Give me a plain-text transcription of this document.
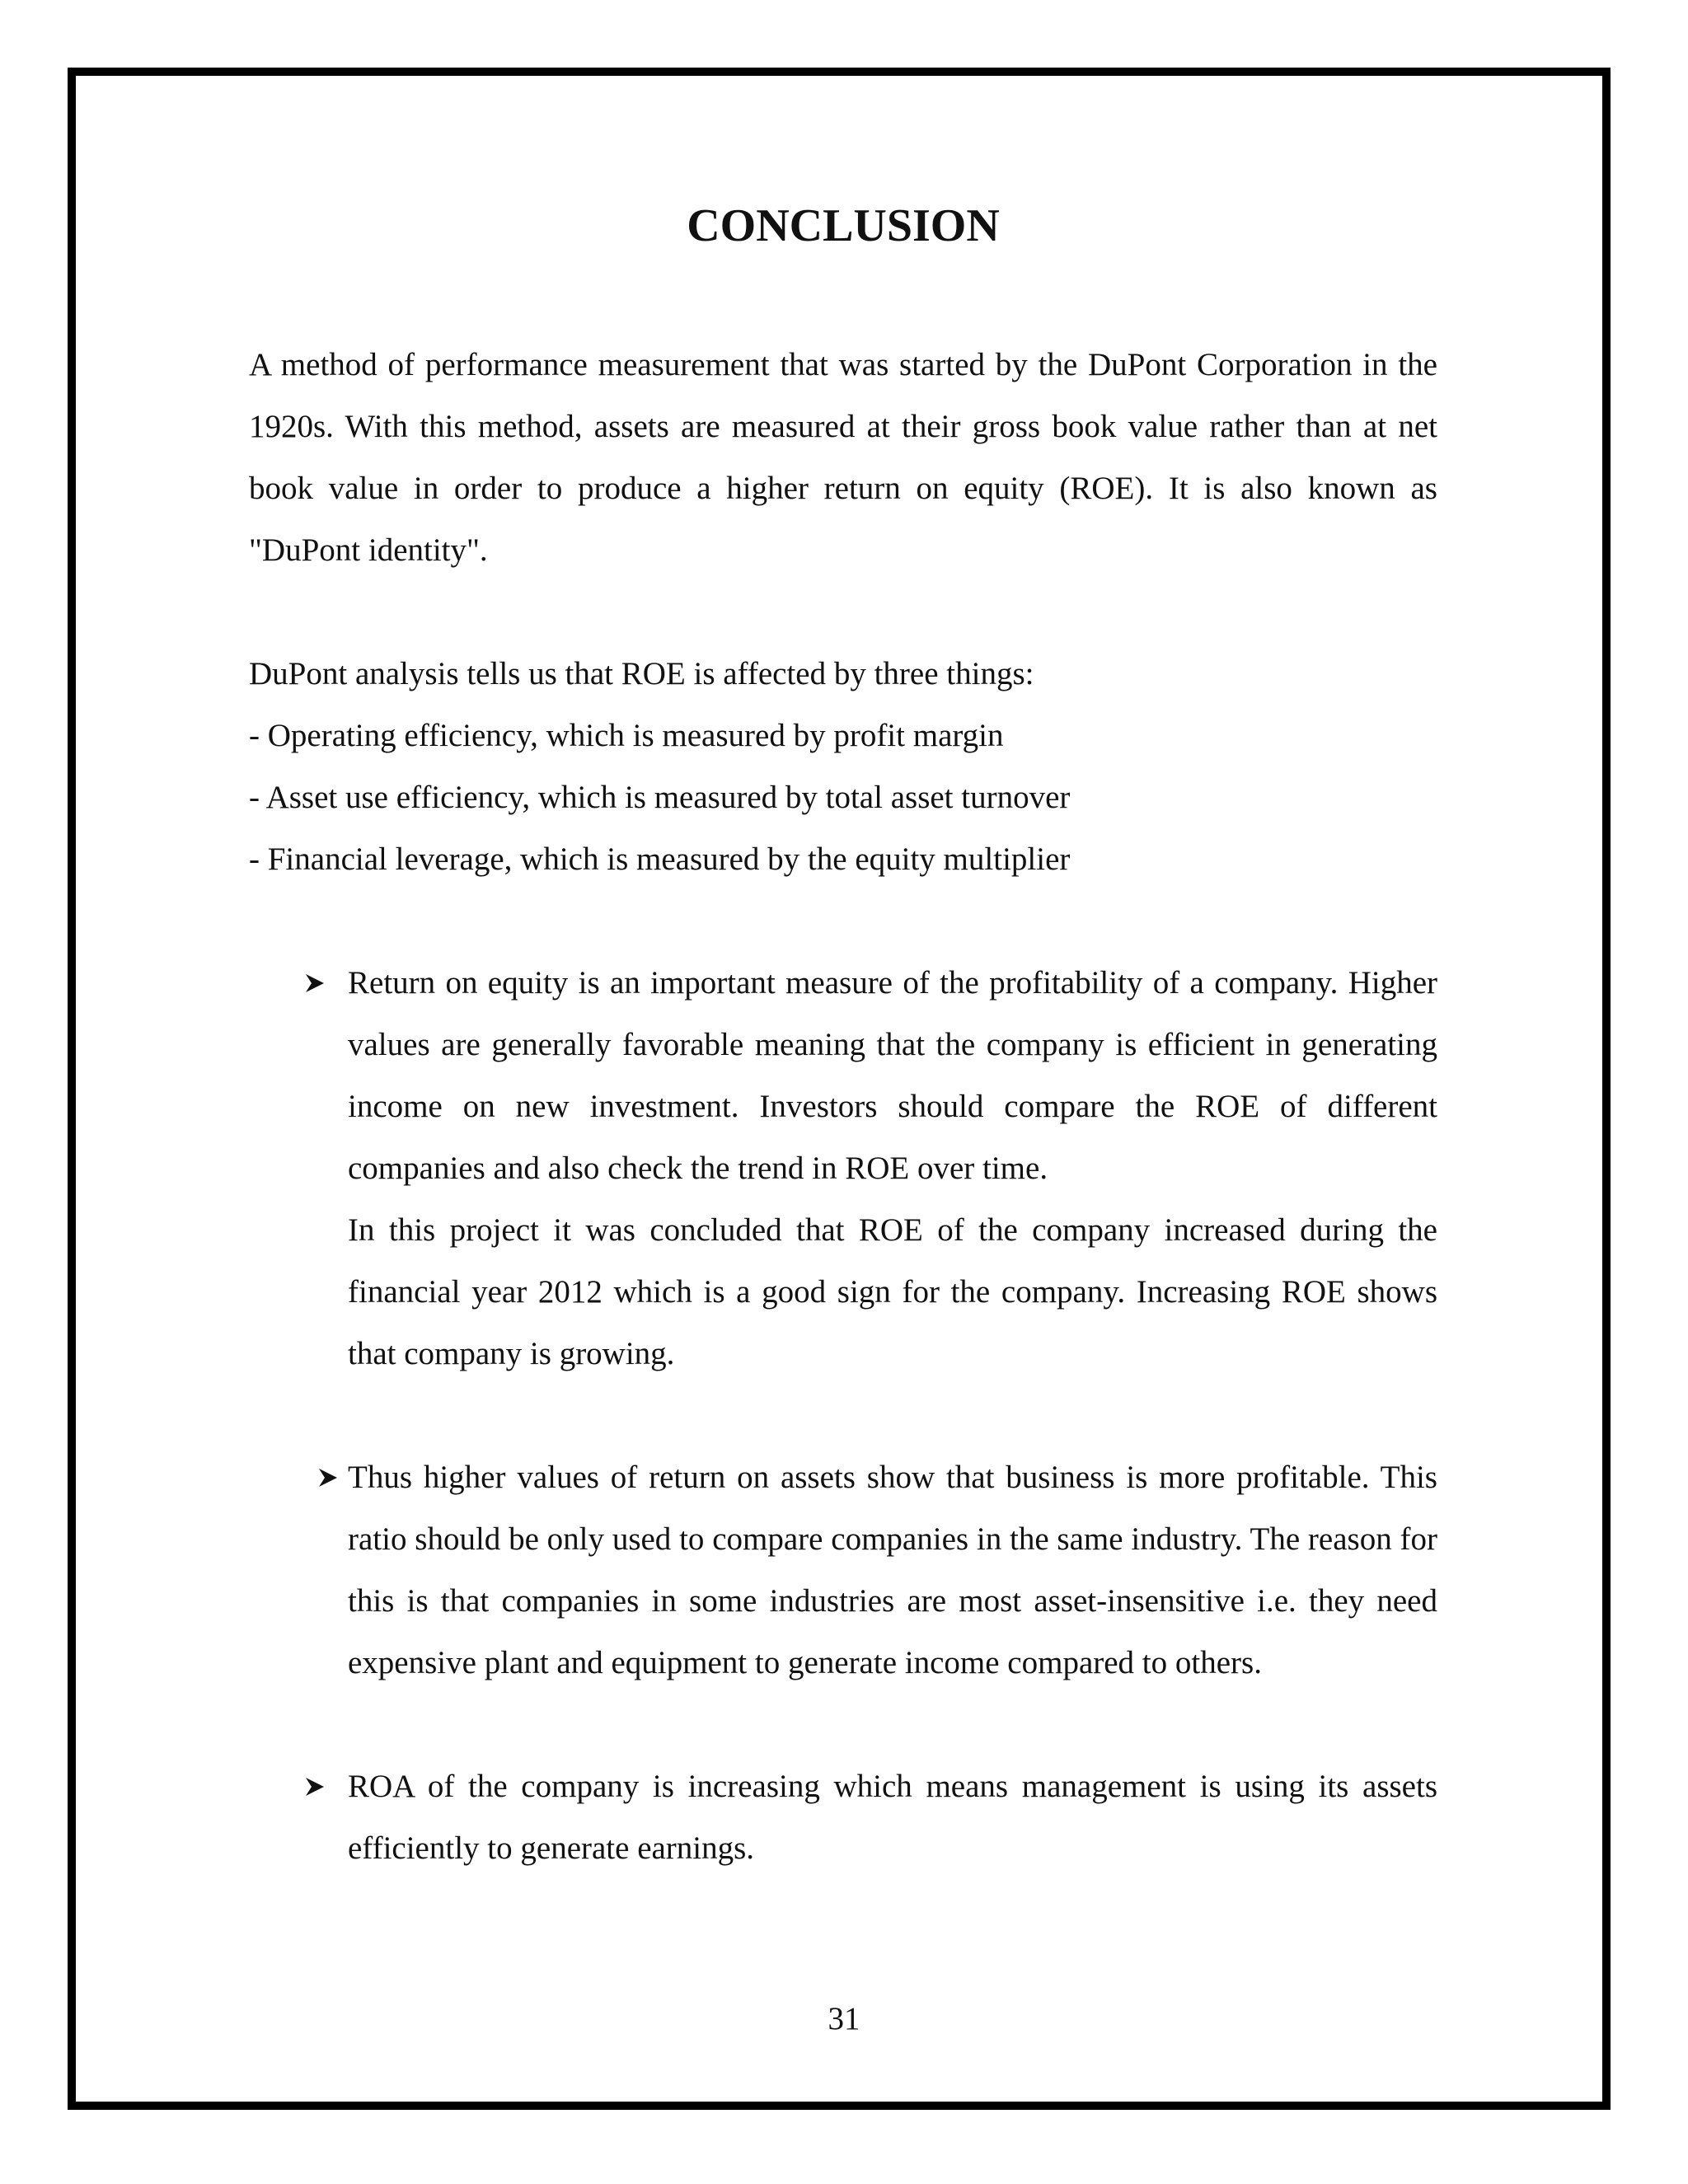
CONCLUSION
A method of performance measurement that was started by the DuPont Corporation in the 1920s. With this method, assets are measured at their gross book value rather than at net book value in order to produce a higher return on equity (ROE). It is also known as "DuPont identity".
DuPont analysis tells us that ROE is affected by three things:
- Operating efficiency, which is measured by profit margin
- Asset use efficiency, which is measured by total asset turnover
- Financial leverage, which is measured by the equity multiplier
Return on equity is an important measure of the profitability of a company. Higher values are generally favorable meaning that the company is efficient in generating income on new investment. Investors should compare the ROE of different companies and also check the trend in ROE over time.
In this project it was concluded that ROE of the company increased during the financial year 2012 which is a good sign for the company. Increasing ROE shows that company is growing.
Thus higher values of return on assets show that business is more profitable. This ratio should be only used to compare companies in the same industry. The reason for this is that companies in some industries are most asset-insensitive i.e. they need expensive plant and equipment to generate income compared to others.
ROA of the company is increasing which means management is using its assets efficiently to generate earnings.
31
